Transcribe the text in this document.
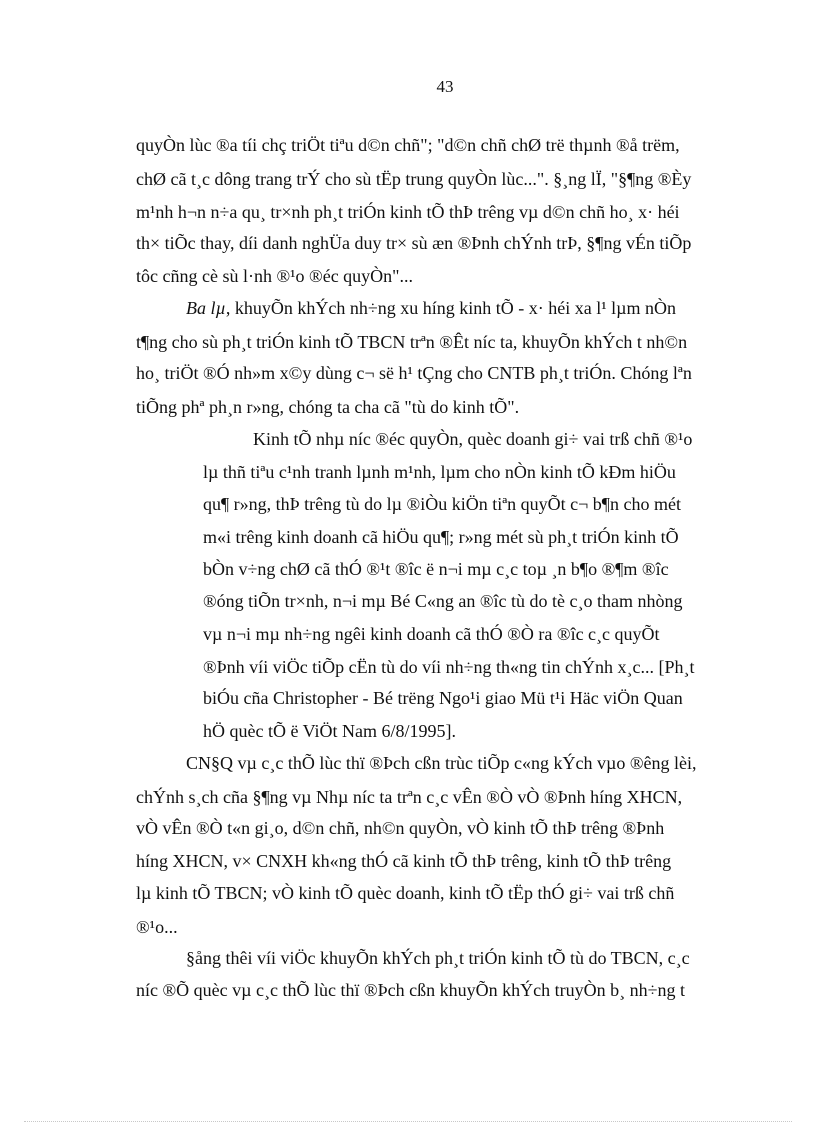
43

quyÒn lùc ®a tíi chç triÖt tiªu d©n chñ"; "d©n chñ chØ trë thµnh ®å trëm,

chØ cã t¸c dông trang trÝ cho sù tËp trung quyÒn lùc...". §¸ng lÏ, "§¶ng ®Èy

m¹nh h¬n n÷a qu¸ tr×nh ph¸t triÓn kinh tÕ thÞ trêng vµ d©n chñ ho¸ x· héi

th× tiÕc thay, díi danh nghÜa duy tr× sù æn ®Þnh chÝnh trÞ, §¶ng vÉn tiÕp

tôc cñng cè sù l·nh ®¹o ®éc quyÒn"...

Ba lµ, khuyÕn khÝch nh÷ng xu híng kinh tÕ - x· héi xa l¹ lµm nÒn

t¶ng cho sù ph¸t triÓn kinh tÕ TBCN trªn ®Êt níc ta, khuyÕn khÝch t nh©n

ho¸ triÖt ®Ó nh»m x©y dùng c¬ së h¹ tÇng cho CNTB ph¸t triÓn. Chóng lªn

tiÕng phª ph¸n r»ng, chóng ta cha cã "tù do kinh tÕ".

Kinh tÕ nhµ níc ®éc quyÒn, quèc doanh gi÷ vai trß chñ ®¹o

lµ thñ tiªu c¹nh tranh lµnh m¹nh, lµm cho nÒn kinh tÕ kÐm hiÖu

qu¶ r»ng, thÞ trêng tù do lµ ®iÒu kiÖn tiªn quyÕt c¬ b¶n cho mét

m«i trêng kinh doanh cã hiÖu qu¶; r»ng mét sù ph¸t triÓn kinh tÕ

bÒn v÷ng chØ cã thÓ ®¹t ®îc ë n¬i mµ c¸c toµ ¸n b¶o ®¶m ®îc

®óng tiÕn tr×nh, n¬i mµ Bé C«ng an ®îc tù do tè c¸o tham nhòng

vµ n¬i mµ nh÷ng ngêi kinh doanh cã thÓ ®Ò ra ®îc c¸c quyÕt

®Þnh víi viÖc tiÕp cËn tù do víi nh÷ng th«ng tin chÝnh x¸c... [Ph¸t

biÓu cña Christopher - Bé trëng Ngo¹i giao Mü t¹i Häc viÖn Quan

hÖ quèc tÕ ë ViÖt Nam 6/8/1995].

CN§Q vµ c¸c thÕ lùc thï ®Þch cßn trùc tiÕp c«ng kÝch vµo ®êng lèi,

chÝnh s¸ch cña §¶ng vµ Nhµ níc ta trªn c¸c vÊn ®Ò vÒ ®Þnh híng XHCN,

vÒ vÊn ®Ò t«n gi¸o, d©n chñ, nh©n quyÒn, vÒ kinh tÕ thÞ trêng ®Þnh

híng XHCN, v× CNXH kh«ng thÓ cã kinh tÕ thÞ trêng, kinh tÕ thÞ trêng

lµ kinh tÕ TBCN; vÒ kinh tÕ quèc doanh, kinh tÕ tËp thÓ gi÷ vai trß chñ

®¹o...

§ång thêi víi viÖc khuyÕn khÝch ph¸t triÓn kinh tÕ tù do TBCN, c¸c

níc ®Õ quèc vµ c¸c thÕ lùc thï ®Þch cßn khuyÕn khÝch truyÒn b¸ nh÷ng t
